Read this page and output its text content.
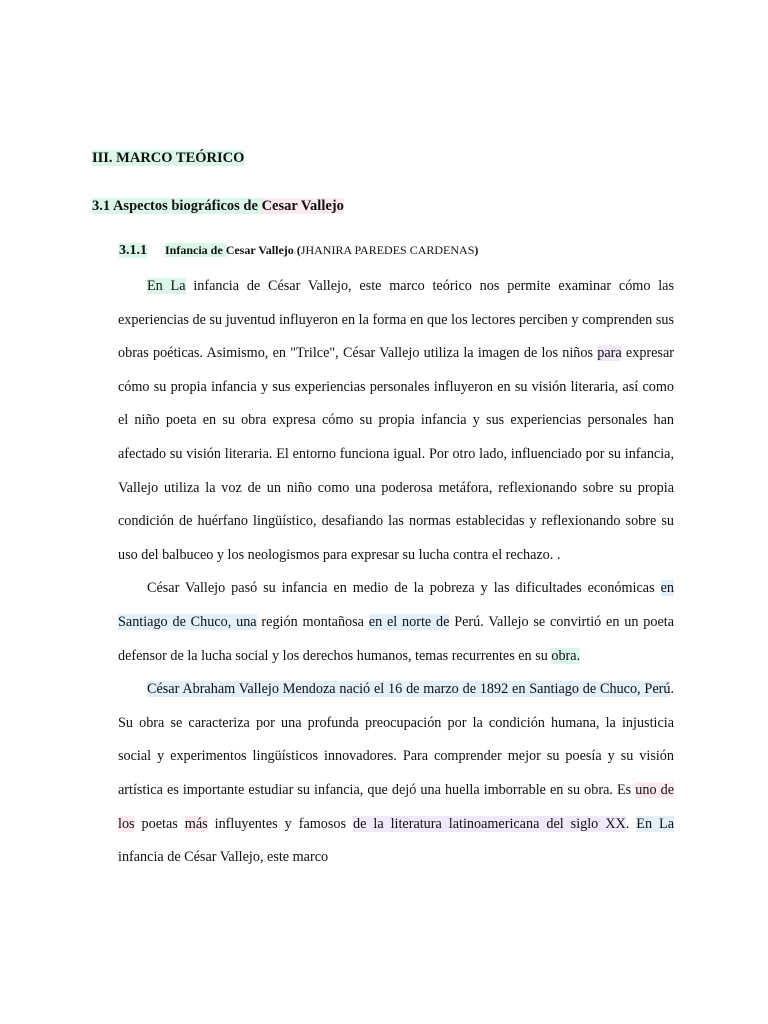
III. MARCO TEÓRICO
3.1 Aspectos biográficos de Cesar Vallejo
3.1.1 Infancia de Cesar Vallejo (JHANIRA PAREDES CARDENAS)

En La infancia de César Vallejo, este marco teórico nos permite examinar cómo las experiencias de su juventud influyeron en la forma en que los lectores perciben y comprenden sus obras poéticas. Asimismo, en "Trilce", César Vallejo utiliza la imagen de los niños para expresar cómo su propia infancia y sus experiencias personales influyeron en su visión literaria, así como el niño poeta en su obra expresa cómo su propia infancia y sus experiencias personales han afectado su visión literaria. El entorno funciona igual. Por otro lado, influenciado por su infancia, Vallejo utiliza la voz de un niño como una poderosa metáfora, reflexionando sobre su propia condición de huérfano lingüístico, desafiando las normas establecidas y reflexionando sobre su uso del balbuceo y los neologismos para expresar su lucha contra el rechazo. .

César Vallejo pasó su infancia en medio de la pobreza y las dificultades económicas en Santiago de Chuco, una región montañosa en el norte de Perú. Vallejo se convirtió en un poeta defensor de la lucha social y los derechos humanos, temas recurrentes en su obra.

César Abraham Vallejo Mendoza nació el 16 de marzo de 1892 en Santiago de Chuco, Perú. Su obra se caracteriza por una profunda preocupación por la condición humana, la injusticia social y experimentos lingüísticos innovadores. Para comprender mejor su poesía y su visión artística es importante estudiar su infancia, que dejó una huella imborrable en su obra. Es uno de los poetas más influyentes y famosos de la literatura latinoamericana del siglo XX. En La infancia de César Vallejo, este marco
